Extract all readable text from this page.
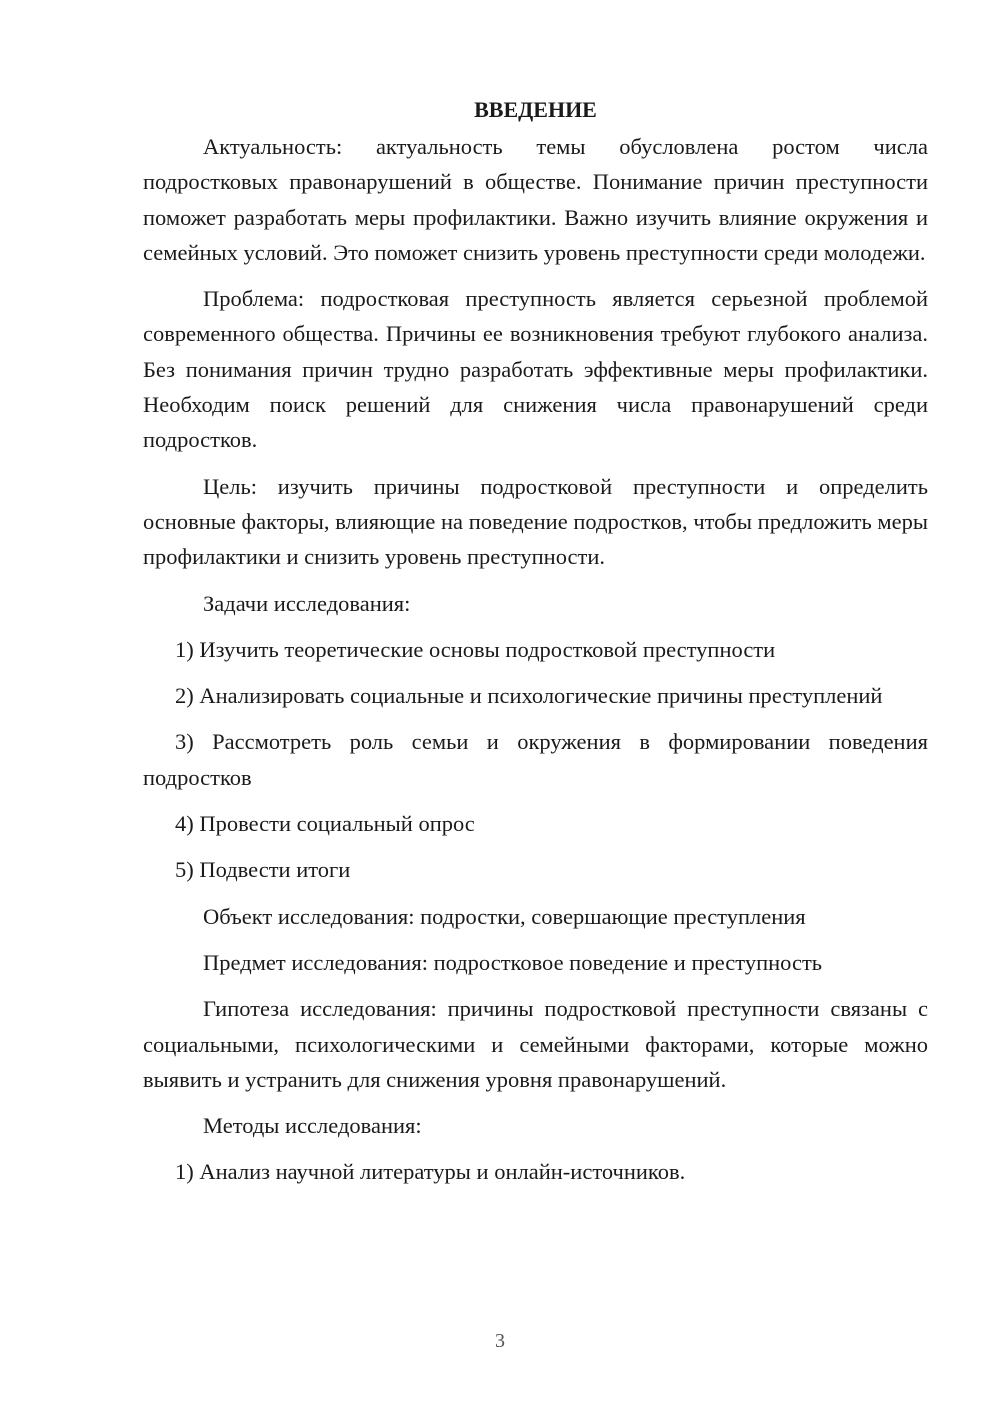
ВВЕДЕНИЕ

Актуальность: актуальность темы обусловлена ростом числа подростковых правонарушений в обществе. Понимание причин преступности поможет разработать меры профилактики. Важно изучить влияние окружения и семейных условий. Это поможет снизить уровень преступности среди молодежи.

Проблема: подростковая преступность является серьезной проблемой современного общества. Причины ее возникновения требуют глубокого анализа. Без понимания причин трудно разработать эффективные меры профилактики. Необходим поиск решений для снижения числа правонарушений среди подростков.

Цель: изучить причины подростковой преступности и определить основные факторы, влияющие на поведение подростков, чтобы предложить меры профилактики и снизить уровень преступности.

Задачи исследования:

1) Изучить теоретические основы подростковой преступности

2) Анализировать социальные и психологические причины преступлений

3) Рассмотреть роль семьи и окружения в формировании поведения подростков

4) Провести социальный опрос

5) Подвести итоги

Объект исследования: подростки, совершающие преступления

Предмет исследования: подростковое поведение и преступность

Гипотеза исследования: причины подростковой преступности связаны с социальными, психологическими и семейными факторами, которые можно выявить и устранить для снижения уровня правонарушений.

Методы исследования:

1) Анализ научной литературы и онлайн-источников.

3
